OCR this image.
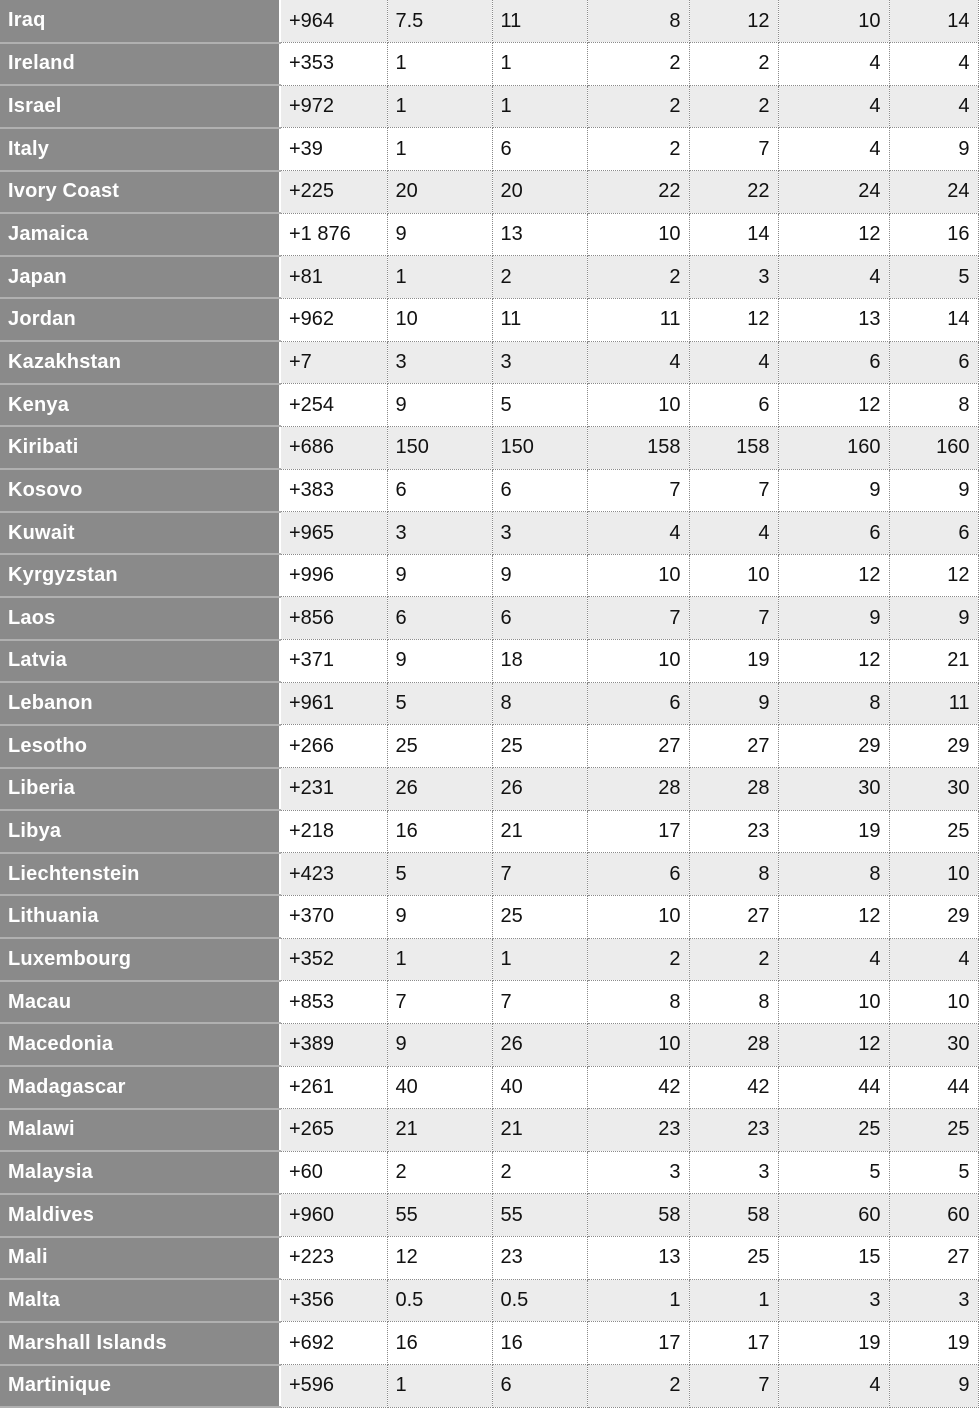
Iraq	+964	7.5	11	8	12	10	14
Ireland	+353	1	1	2	2	4	4
Israel	+972	1	1	2	2	4	4
Italy	+39	1	6	2	7	4	9
Ivory Coast	+225	20	20	22	22	24	24
Jamaica	+1 876	9	13	10	14	12	16
Japan	+81	1	2	2	3	4	5
Jordan	+962	10	11	11	12	13	14
Kazakhstan	+7	3	3	4	4	6	6
Kenya	+254	9	5	10	6	12	8
Kiribati	+686	150	150	158	158	160	160
Kosovo	+383	6	6	7	7	9	9
Kuwait	+965	3	3	4	4	6	6
Kyrgyzstan	+996	9	9	10	10	12	12
Laos	+856	6	6	7	7	9	9
Latvia	+371	9	18	10	19	12	21
Lebanon	+961	5	8	6	9	8	11
Lesotho	+266	25	25	27	27	29	29
Liberia	+231	26	26	28	28	30	30
Libya	+218	16	21	17	23	19	25
Liechtenstein	+423	5	7	6	8	8	10
Lithuania	+370	9	25	10	27	12	29
Luxembourg	+352	1	1	2	2	4	4
Macau	+853	7	7	8	8	10	10
Macedonia	+389	9	26	10	28	12	30
Madagascar	+261	40	40	42	42	44	44
Malawi	+265	21	21	23	23	25	25
Malaysia	+60	2	2	3	3	5	5
Maldives	+960	55	55	58	58	60	60
Mali	+223	12	23	13	25	15	27
Malta	+356	0.5	0.5	1	1	3	3
Marshall Islands	+692	16	16	17	17	19	19
Martinique	+596	1	6	2	7	4	9
